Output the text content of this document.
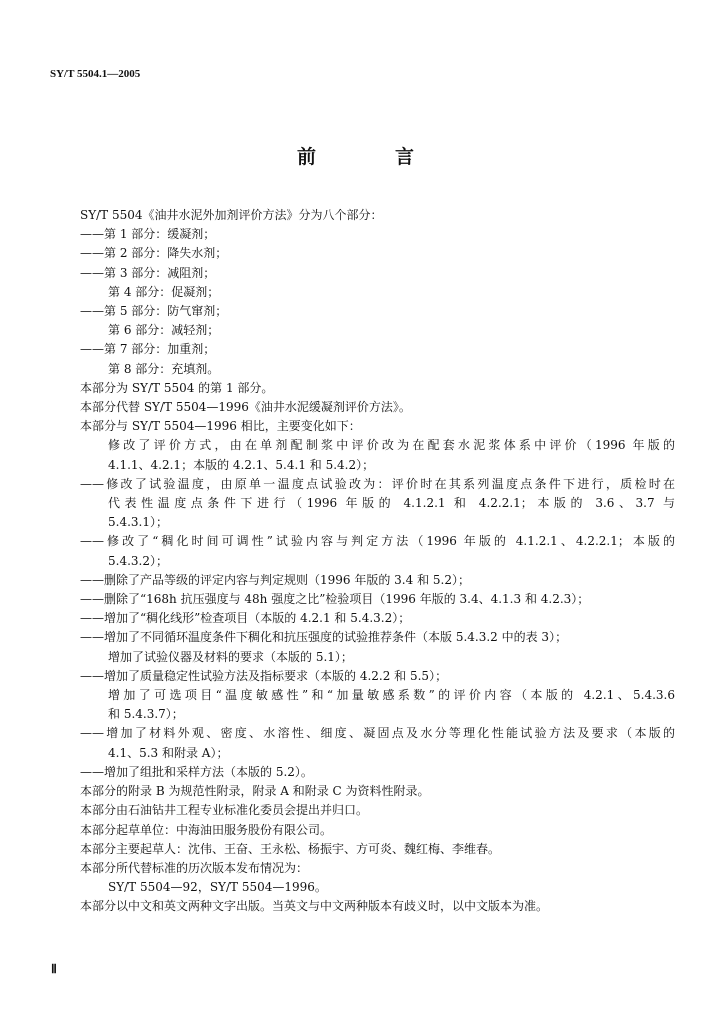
SY/T 5504.1—2005
前　言
SY/T 5504《油井水泥外加剂评价方法》分为八个部分：
——第 1 部分：缓凝剂；
——第 2 部分：降失水剂；
——第 3 部分：减阻剂；
第 4 部分：促凝剂；
——第 5 部分：防气窜剂；
第 6 部分：减轻剂；
——第 7 部分：加重剂；
第 8 部分：充填剂。
本部分为 SY/T 5504 的第 1 部分。
本部分代替 SY/T 5504—1996《油井水泥缓凝剂评价方法》。
本部分与 SY/T 5504—1996 相比，主要变化如下：
修改了评价方式，由在单剂配制浆中评价改为在配套水泥浆体系中评价（1996 年版的
4.1.1、4.2.1；本版的 4.2.1、5.4.1 和 5.4.2）；
——修改了试验温度，由原单一温度点试验改为：评价时在其系列温度点条件下进行，质检时在
代表性温度点条件下进行（1996 年版的 4.1.2.1 和 4.2.2.1；本版的 3.6、3.7 与
5.4.3.1）；
——修改了“稠化时间可调性”试验内容与判定方法（1996 年版的 4.1.2.1、4.2.2.1；本版的
5.4.3.2）；
——删除了产品等级的评定内容与判定规则（1996 年版的 3.4 和 5.2）；
——删除了“168h 抗压强度与 48h 强度之比”检验项目（1996 年版的 3.4、4.1.3 和 4.2.3）；
——增加了“稠化线形”检查项目（本版的 4.2.1 和 5.4.3.2）；
——增加了不同循环温度条件下稠化和抗压强度的试验推荐条件（本版 5.4.3.2 中的表 3）；
增加了试验仪器及材料的要求（本版的 5.1）；
——增加了质量稳定性试验方法及指标要求（本版的 4.2.2 和 5.5）；
增加了可选项目“温度敏感性”和“加量敏感系数”的评价内容（本版的 4.2.1、5.4.3.6
和 5.4.3.7）；
——增加了材料外观、密度、水溶性、细度、凝固点及水分等理化性能试验方法及要求（本版的
4.1、5.3 和附录 A）；
——增加了组批和采样方法（本版的 5.2）。
本部分的附录 B 为规范性附录，附录 A 和附录 C 为资料性附录。
本部分由石油钻井工程专业标准化委员会提出并归口。
本部分起草单位：中海油田服务股份有限公司。
本部分主要起草人：沈伟、王奋、王永松、杨振宇、方可炎、魏红梅、李维春。
本部分所代替标准的历次版本发布情况为：
SY/T 5504—92，SY/T 5504—1996。
本部分以中文和英文两种文字出版。当英文与中文两种版本有歧义时，以中文版本为准。
Ⅱ
